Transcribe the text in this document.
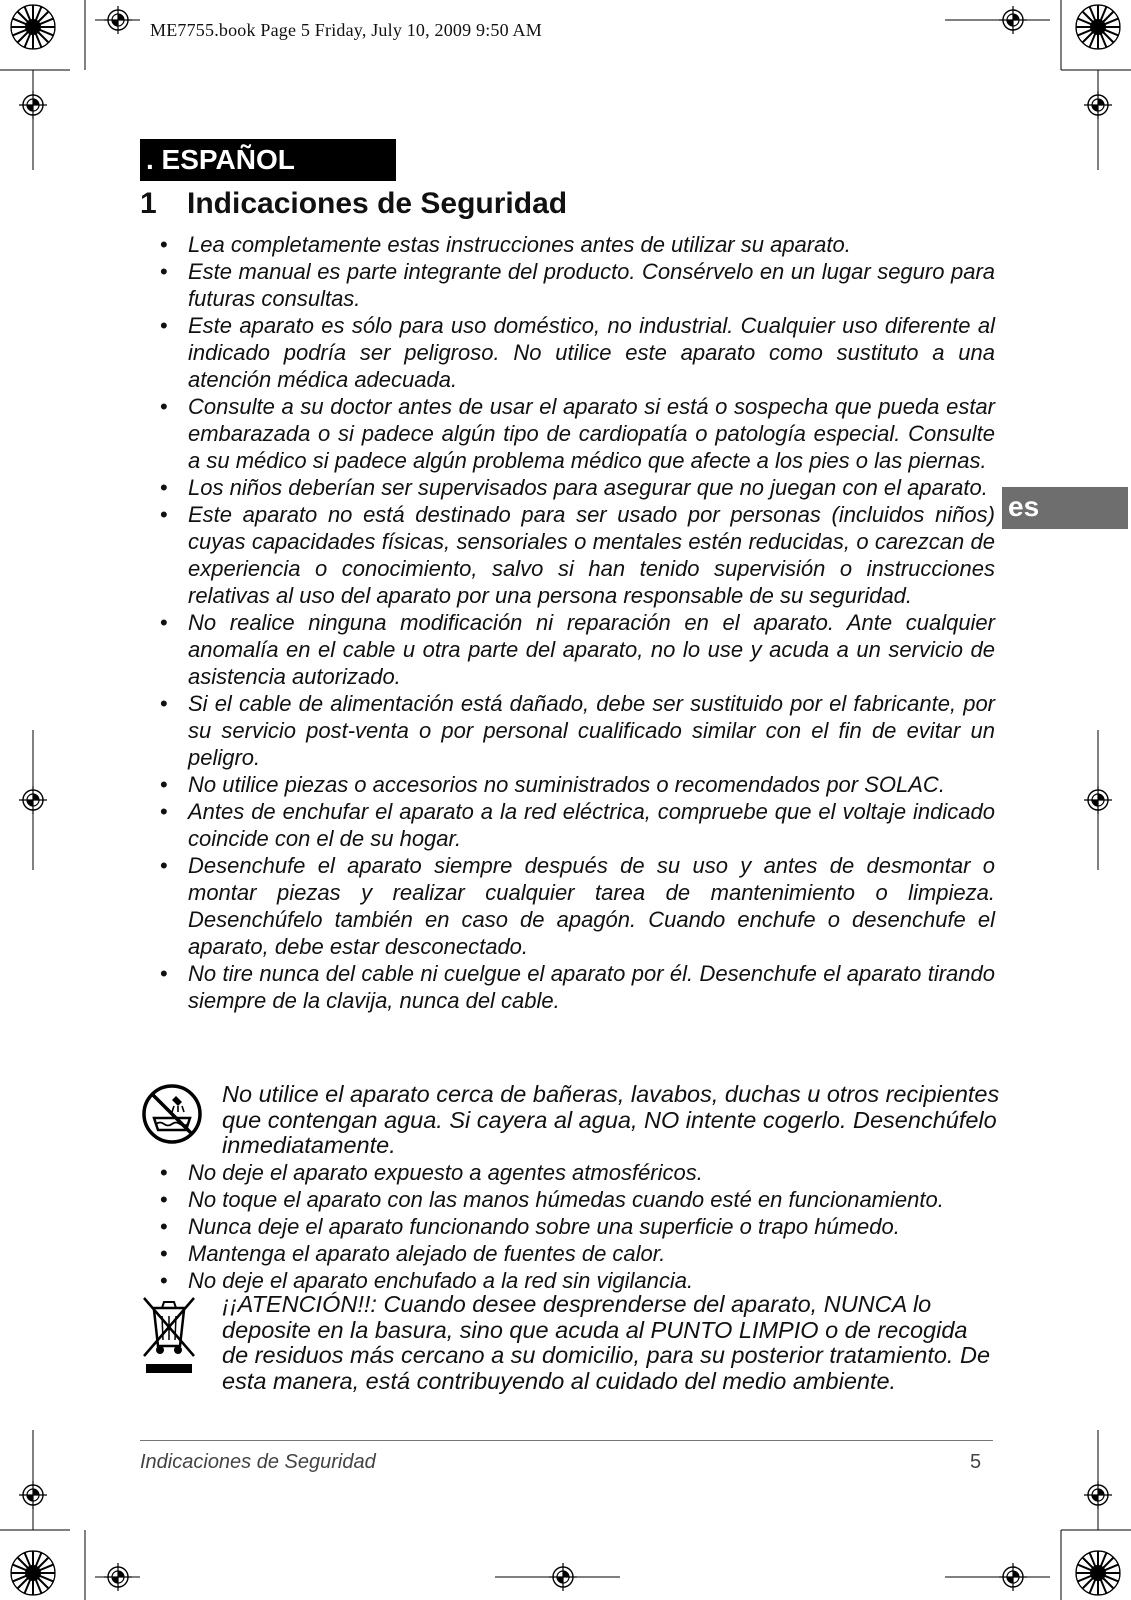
ME7755.book Page 5 Friday, July 10, 2009 9:50 AM
. ESPAÑOL
1	Indicaciones de Seguridad
es
• Lea completamente estas instrucciones antes de utilizar su aparato.
• Este manual es parte integrante del producto. Consérvelo en un lugar seguro para futuras consultas.
• Este aparato es sólo para uso doméstico, no industrial. Cualquier uso diferente al indicado podría ser peligroso. No utilice este aparato como sustituto a una atención médica adecuada.
• Consulte a su doctor antes de usar el aparato si está o sospecha que pueda estar embarazada o si padece algún tipo de cardiopatía o patología especial. Consulte a su médico si padece algún problema médico que afecte a los pies o las piernas.
• Los niños deberían ser supervisados para asegurar que no juegan con el aparato.
• Este aparato no está destinado para ser usado por personas (incluidos niños) cuyas capacidades físicas, sensoriales o mentales estén reducidas, o carezcan de experiencia o conocimiento, salvo si han tenido supervisión o instrucciones relativas al uso del aparato por una persona responsable de su seguridad.
• No realice ninguna modificación ni reparación en el aparato. Ante cualquier anomalía en el cable u otra parte del aparato, no lo use y acuda a un servicio de asistencia autorizado.
• Si el cable de alimentación está dañado, debe ser sustituido por el fabricante, por su servicio post-venta o por personal cualificado similar con el fin de evitar un peligro.
• No utilice piezas o accesorios no suministrados o recomendados por SOLAC.
• Antes de enchufar el aparato a la red eléctrica, compruebe que el voltaje indicado coincide con el de su hogar.
• Desenchufe el aparato siempre después de su uso y antes de desmontar o montar piezas y realizar cualquier tarea de mantenimiento o limpieza. Desenchúfelo también en caso de apagón. Cuando enchufe o desenchufe el aparato, debe estar desconectado.
• No tire nunca del cable ni cuelgue el aparato por él. Desenchufe el aparato tirando siempre de la clavija, nunca del cable.
No utilice el aparato cerca de bañeras, lavabos, duchas u otros recipientes que contengan agua. Si cayera al agua, NO intente cogerlo. Desenchúfelo inmediatamente.
• No deje el aparato expuesto a agentes atmosféricos.
• No toque el aparato con las manos húmedas cuando esté en funcionamiento.
• Nunca deje el aparato funcionando sobre una superficie o trapo húmedo.
• Mantenga el aparato alejado de fuentes de calor.
• No deje el aparato enchufado a la red sin vigilancia.
¡¡ATENCIÓN!!: Cuando desee desprenderse del aparato, NUNCA lo deposite en la basura, sino que acuda al PUNTO LIMPIO o de recogida de residuos más cercano a su domicilio, para su posterior tratamiento. De esta manera, está contribuyendo al cuidado del medio ambiente.
Indicaciones de Seguridad	5
